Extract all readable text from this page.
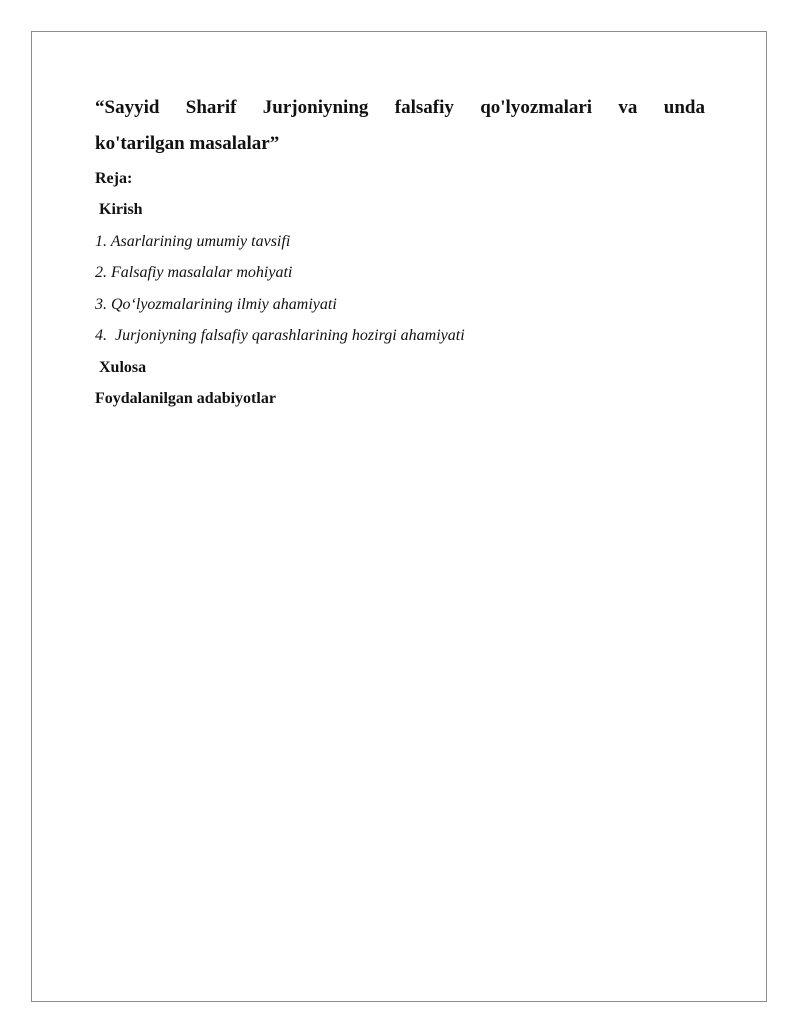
“Sayyid Sharif Jurjoniyning falsafiy qo'lyozmalari va unda
ko'tarilgan masalalar”
Reja:
Kirish
1. Asarlarining umumiy tavsifi
2. Falsafiy masalalar mohiyati
3. Qo‘lyozmalarining ilmiy ahamiyati
4.  Jurjoniyning falsafiy qarashlarining hozirgi ahamiyati
Xulosa
Foydalanilgan adabiyotlar
